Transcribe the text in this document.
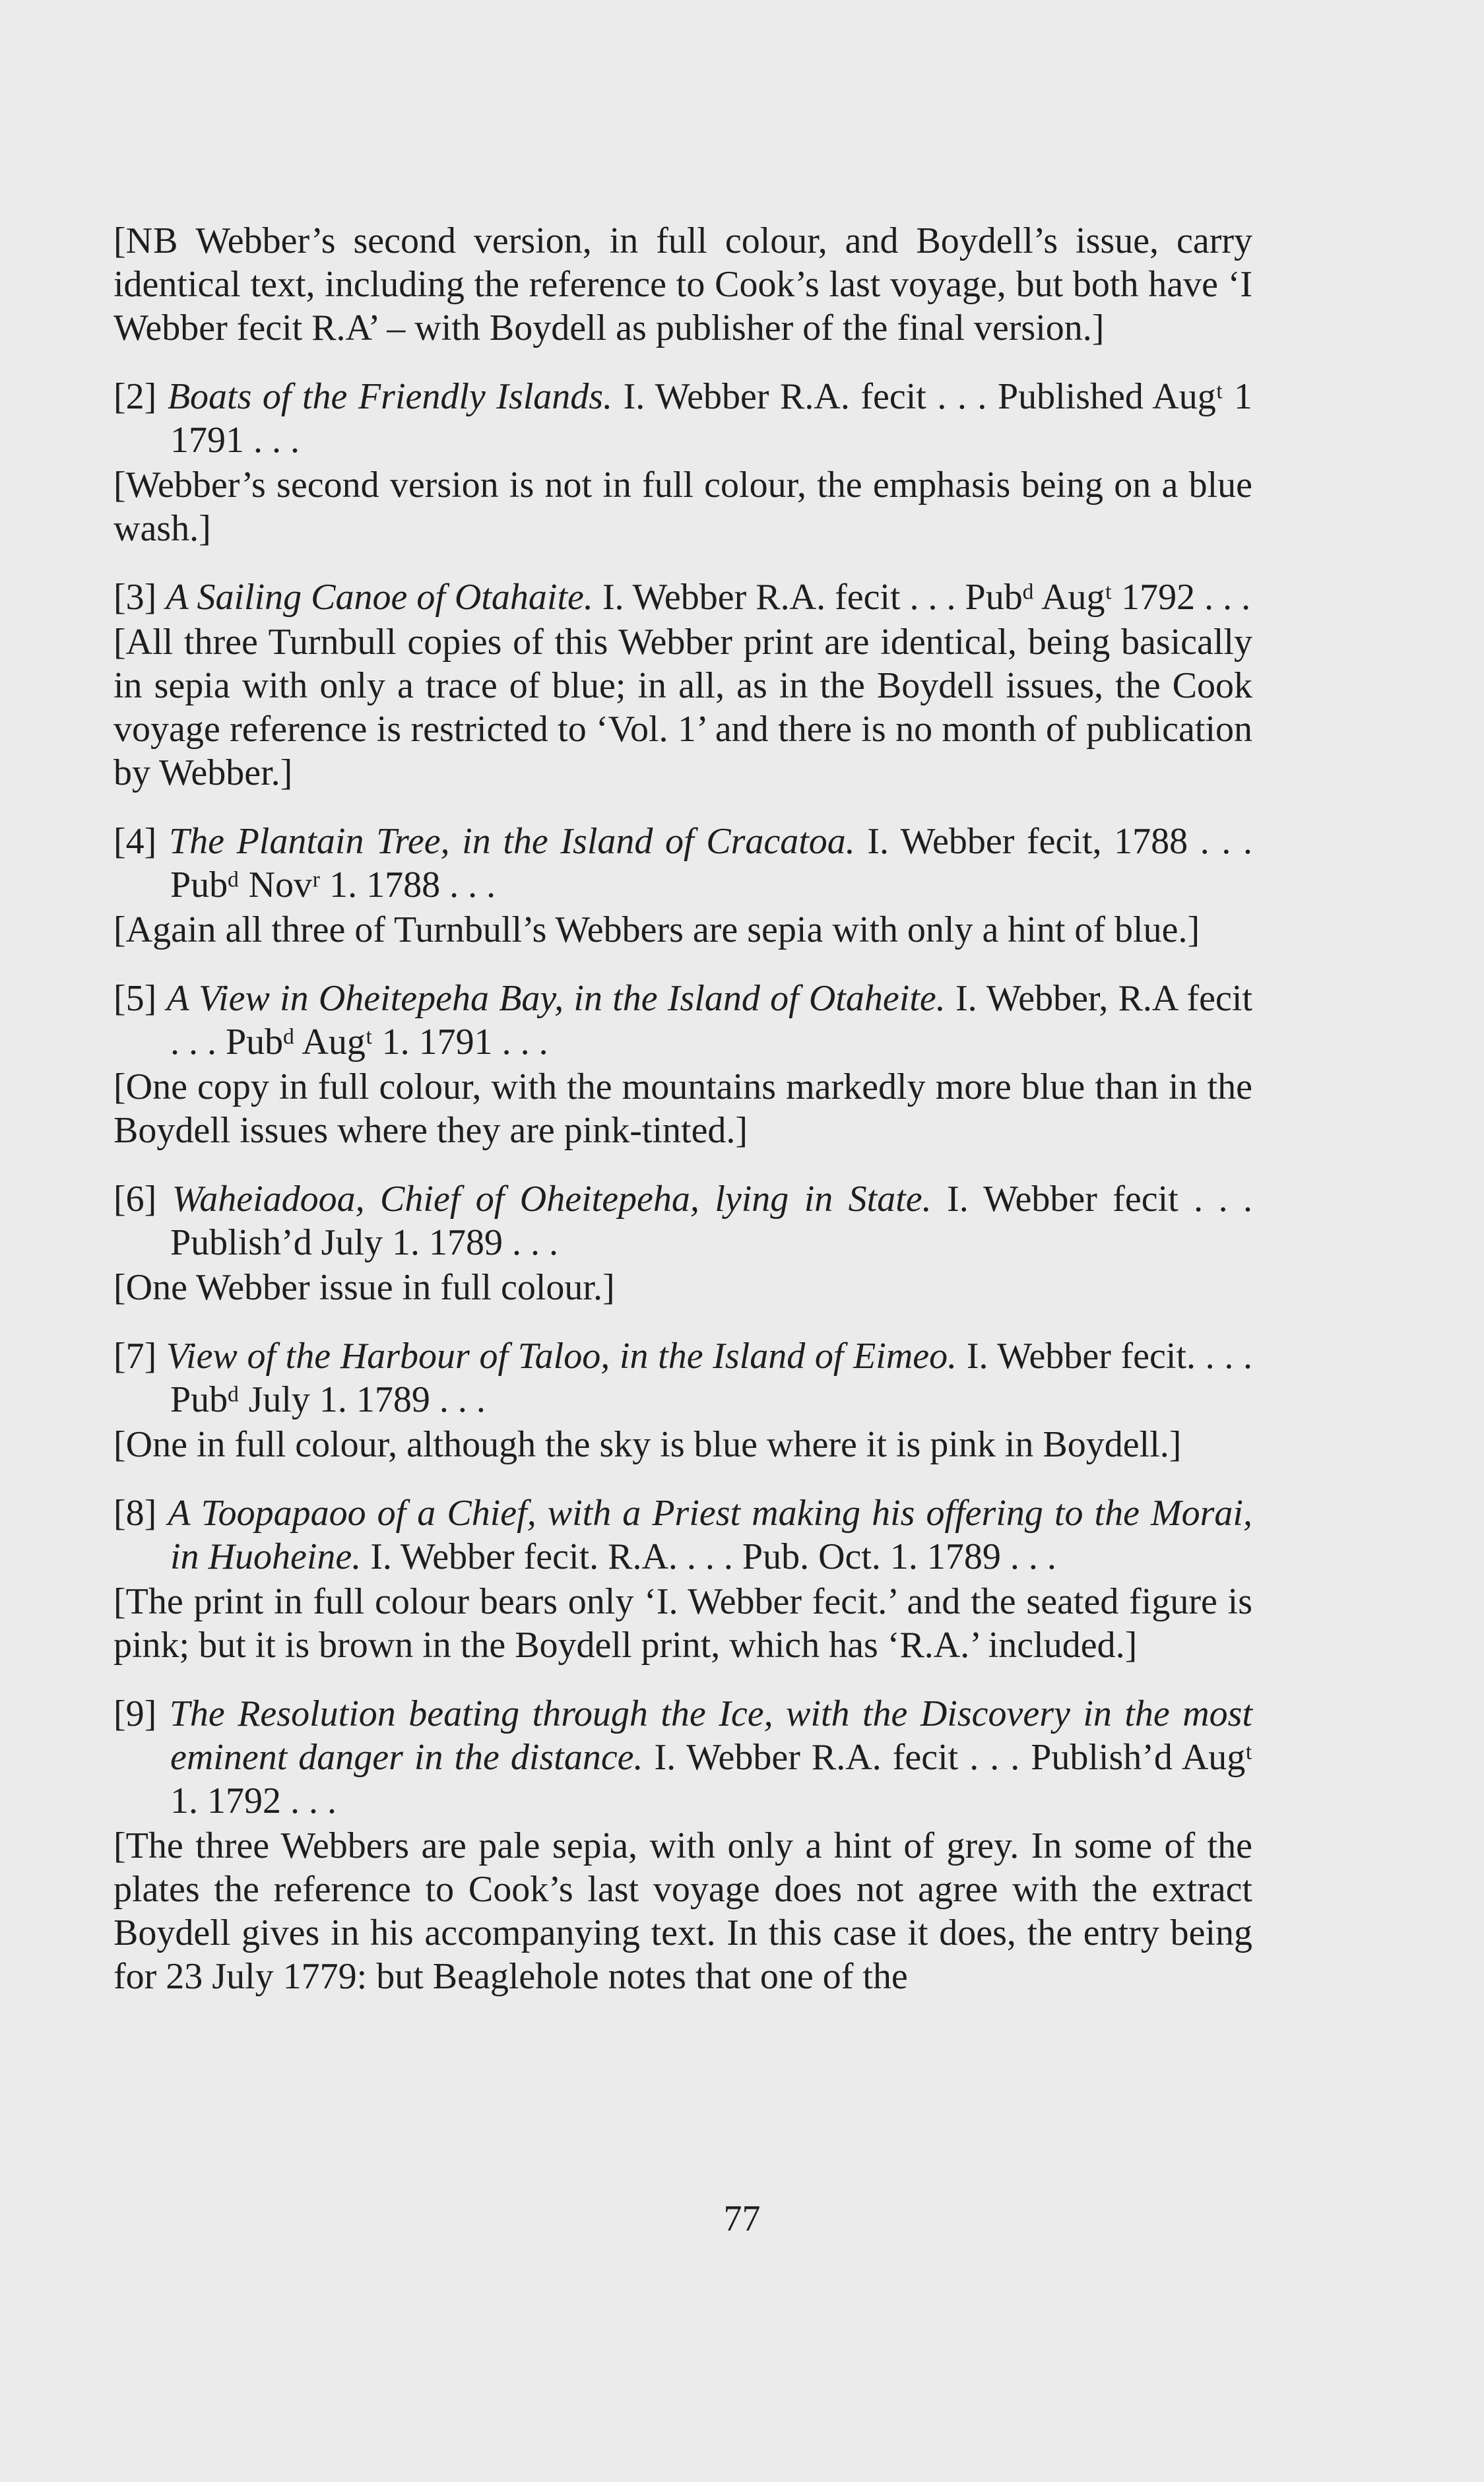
[NB Webber’s second version, in full colour, and Boydell’s issue, carry identical text, including the reference to Cook’s last voyage, but both have ‘I Webber fecit R.A’ – with Boydell as publisher of the final version.]

[2] Boats of the Friendly Islands. I. Webber R.A. fecit . . . Published Augᵗ 1 1791 . . .

[Webber’s second version is not in full colour, the emphasis being on a blue wash.]

[3] A Sailing Canoe of Otahaite. I. Webber R.A. fecit . . . Pubᵈ Augᵗ 1792 . . .

[All three Turnbull copies of this Webber print are identical, being basically in sepia with only a trace of blue; in all, as in the Boydell issues, the Cook voyage reference is restricted to ‘Vol. 1’ and there is no month of publication by Webber.]

[4] The Plantain Tree, in the Island of Cracatoa. I. Webber fecit, 1788 . . . Pubᵈ Novʳ 1. 1788 . . .

[Again all three of Turnbull’s Webbers are sepia with only a hint of blue.]

[5] A View in Oheitepeha Bay, in the Island of Otaheite. I. Webber, R.A fecit . . . Pubᵈ Augᵗ 1. 1791 . . .

[One copy in full colour, with the mountains markedly more blue than in the Boydell issues where they are pink-tinted.]

[6] Waheiadooa, Chief of Oheitepeha, lying in State. I. Webber fecit . . . Publish’d July 1. 1789 . . .

[One Webber issue in full colour.]

[7] View of the Harbour of Taloo, in the Island of Eimeo. I. Webber fecit. . . . Pubᵈ July 1. 1789 . . .

[One in full colour, although the sky is blue where it is pink in Boydell.]

[8] A Toopapaoo of a Chief, with a Priest making his offering to the Morai, in Huoheine. I. Webber fecit. R.A. . . . Pub. Oct. 1. 1789 . . .

[The print in full colour bears only ‘I. Webber fecit.’ and the seated figure is pink; but it is brown in the Boydell print, which has ‘R.A.’ included.]

[9] The Resolution beating through the Ice, with the Discovery in the most eminent danger in the distance. I. Webber R.A. fecit . . . Publish’d Augᵗ 1. 1792 . . .

[The three Webbers are pale sepia, with only a hint of grey. In some of the plates the reference to Cook’s last voyage does not agree with the extract Boydell gives in his accompanying text. In this case it does, the entry being for 23 July 1779: but Beaglehole notes that one of the

77
